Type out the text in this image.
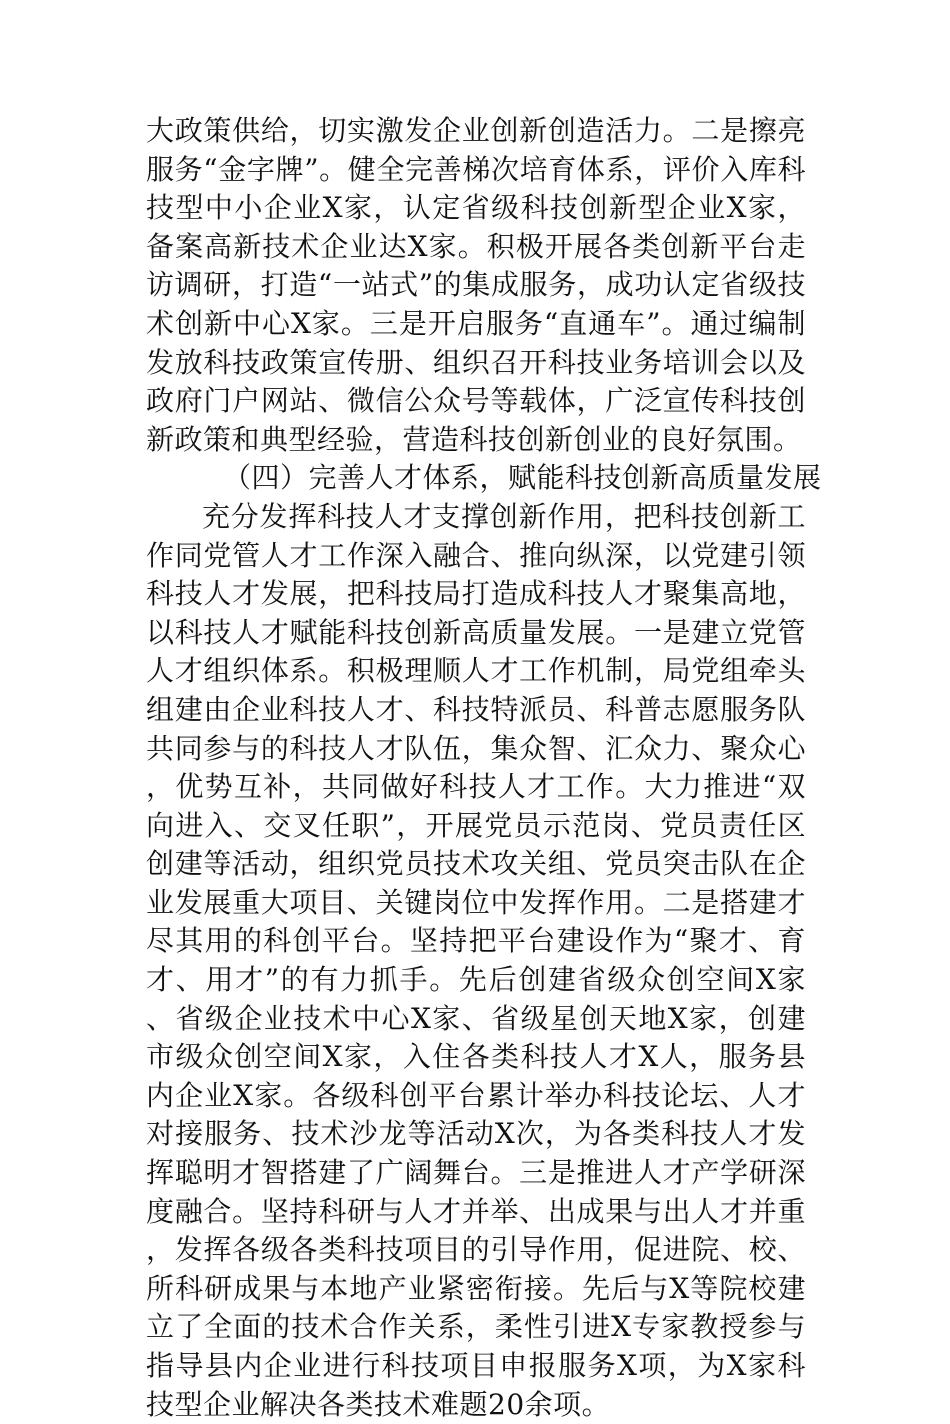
大政策供给，切实激发企业创新创造活力。二是擦亮服务“金字牌”。健全完善梯次培育体系，评价入库科技型中小企业X家，认定省级科技创新型企业X家，备案高新技术企业达X家。积极开展各类创新平台走访调研，打造“一站式”的集成服务，成功认定省级技术创新中心X家。三是开启服务“直通车”。通过编制发放科技政策宣传册、组织召开科技业务培训会以及政府门户网站、微信公众号等载体，广泛宣传科技创新政策和典型经验，营造科技创新创业的良好氛围。

（四）完善人才体系，赋能科技创新高质量发展

充分发挥科技人才支撑创新作用，把科技创新工作同党管人才工作深入融合、推向纵深，以党建引领科技人才发展，把科技局打造成科技人才聚集高地，以科技人才赋能科技创新高质量发展。一是建立党管人才组织体系。积极理顺人才工作机制，局党组牵头组建由企业科技人才、科技特派员、科普志愿服务队共同参与的科技人才队伍，集众智、汇众力、聚众心，优势互补，共同做好科技人才工作。大力推进“双向进入、交叉任职”，开展党员示范岗、党员责任区创建等活动，组织党员技术攻关组、党员突击队在企业发展重大项目、关键岗位中发挥作用。二是搭建才尽其用的科创平台。坚持把平台建设作为“聚才、育才、用才”的有力抓手。先后创建省级众创空间X家、省级企业技术中心X家、省级星创天地X家，创建市级众创空间X家，入住各类科技人才X人，服务县内企业X家。各级科创平台累计举办科技论坛、人才对接服务、技术沙龙等活动X次，为各类科技人才发挥聪明才智搭建了广阔舞台。三是推进人才产学研深度融合。坚持科研与人才并举、出成果与出人才并重，发挥各级各类科技项目的引导作用，促进院、校、所科研成果与本地产业紧密衔接。先后与X等院校建立了全面的技术合作关系，柔性引进X专家教授参与指导县内企业进行科技项目申报服务X项，为X家科技型企业解决各类技术难题20余项。
